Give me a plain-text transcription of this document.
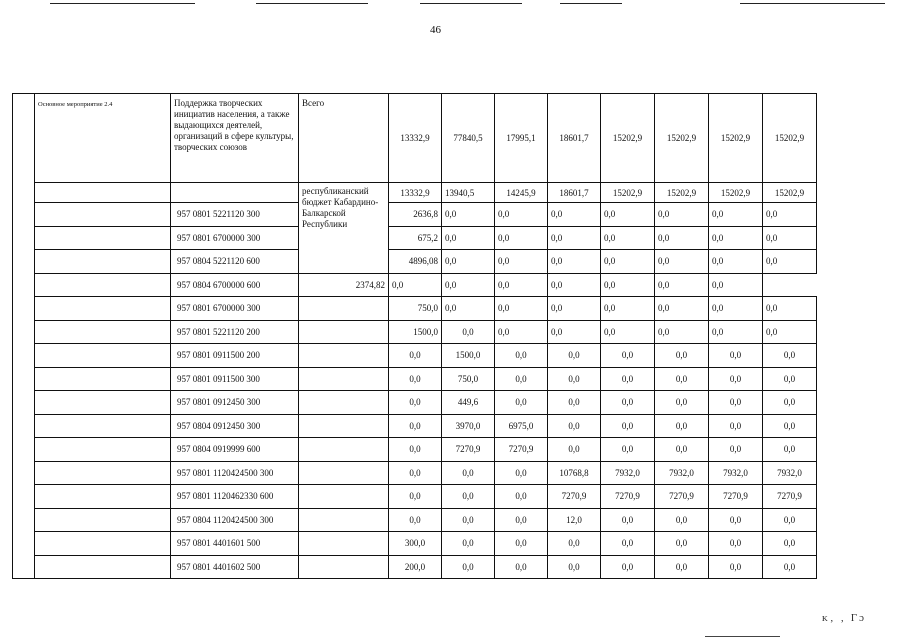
46
	Основное мероприятие 2.4	Поддержка творческих инициатив населения, а также выдающихся деятелей, организаций в сфере культуры, творческих союзов	Всего	13332,9	77840,5	17995,1	18601,7	15202,9	15202,9	15202,9	15202,9
			республиканский бюджет Кабардино-Балкарской Республики	13332,9	13940,5	14245,9	18601,7	15202,9	15202,9	15202,9	15202,9
		957 0801 5221120 300		2636,8	0,0	0,0	0,0	0,0	0,0	0,0	0,0
		957 0801 6700000 300		675,2	0,0	0,0	0,0	0,0	0,0	0,0	0,0
		957 0804 5221120 600		4896,08	0,0	0,0	0,0	0,0	0,0	0,0	0,0
		957 0804 6700000 600	2374,82	0,0	0,0	0,0	0,0	0,0	0,0	0,0	
		957 0801 6700000 300		750,0	0,0	0,0	0,0	0,0	0,0	0,0	0,0
		957 0801 5221120 200		1500,0	0,0	0,0	0,0	0,0	0,0	0,0	0,0
		957 0801 0911500 200		0,0	1500,0	0,0	0,0	0,0	0,0	0,0	0,0
		957 0801 0911500 300		0,0	750,0	0,0	0,0	0,0	0,0	0,0	0,0
		957 0801 0912450 300		0,0	449,6	0,0	0,0	0,0	0,0	0,0	0,0
		957 0804 0912450 300		0,0	3970,0	6975,0	0,0	0,0	0,0	0,0	0,0
		957 0804 0919999 600		0,0	7270,9	7270,9	0,0	0,0	0,0	0,0	0,0
		957 0801 1120424500 300		0,0	0,0	0,0	10768,8	7932,0	7932,0	7932,0	7932,0
		957 0801 1120462330 600		0,0	0,0	0,0	7270,9	7270,9	7270,9	7270,9	7270,9
		957 0804 1120424500 300		0,0	0,0	0,0	12,0	0,0	0,0	0,0	0,0
		957 0801 4401601 500		300,0	0,0	0,0	0,0	0,0	0,0	0,0	0,0
		957 0801 4401602 500		200,0	0,0	0,0	0,0	0,0	0,0	0,0	0,0
ᴋ‚ ‚ Γɔ
